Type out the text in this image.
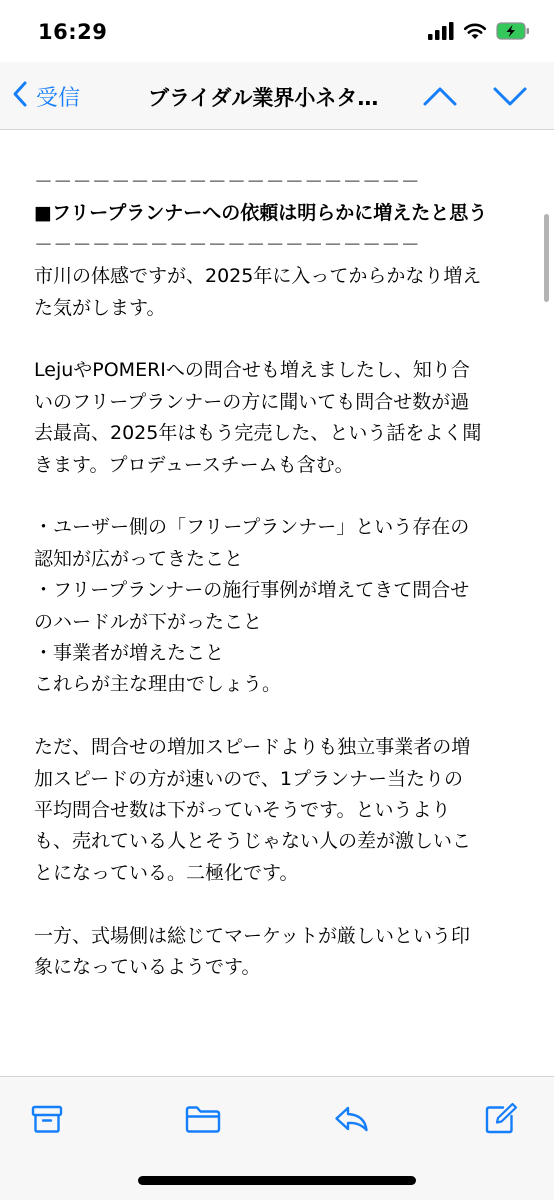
16:29
受信	ブライダル業界小ネタ…
－－－－－－－－－－－－－－－－－－－－
■フリープランナーへの依頼は明らかに増えたと思う
－－－－－－－－－－－－－－－－－－－－
市川の体感ですが、2025年に入ってからかなり増え
た気がします。
LejuやPOMERIへの問合せも増えましたし、知り合
いのフリープランナーの方に聞いても問合せ数が過
去最高、2025年はもう完売した、という話をよく聞
きます。プロデュースチームも含む。
・ユーザー側の「フリープランナー」という存在の
認知が広がってきたこと
・フリープランナーの施行事例が増えてきて問合せ
のハードルが下がったこと
・事業者が増えたこと
これらが主な理由でしょう。
ただ、問合せの増加スピードよりも独立事業者の増
加スピードの方が速いので、1プランナー当たりの
平均問合せ数は下がっていそうです。というより
も、売れている人とそうじゃない人の差が激しいこ
とになっている。二極化です。
一方、式場側は総じてマーケットが厳しいという印
象になっているようです。
